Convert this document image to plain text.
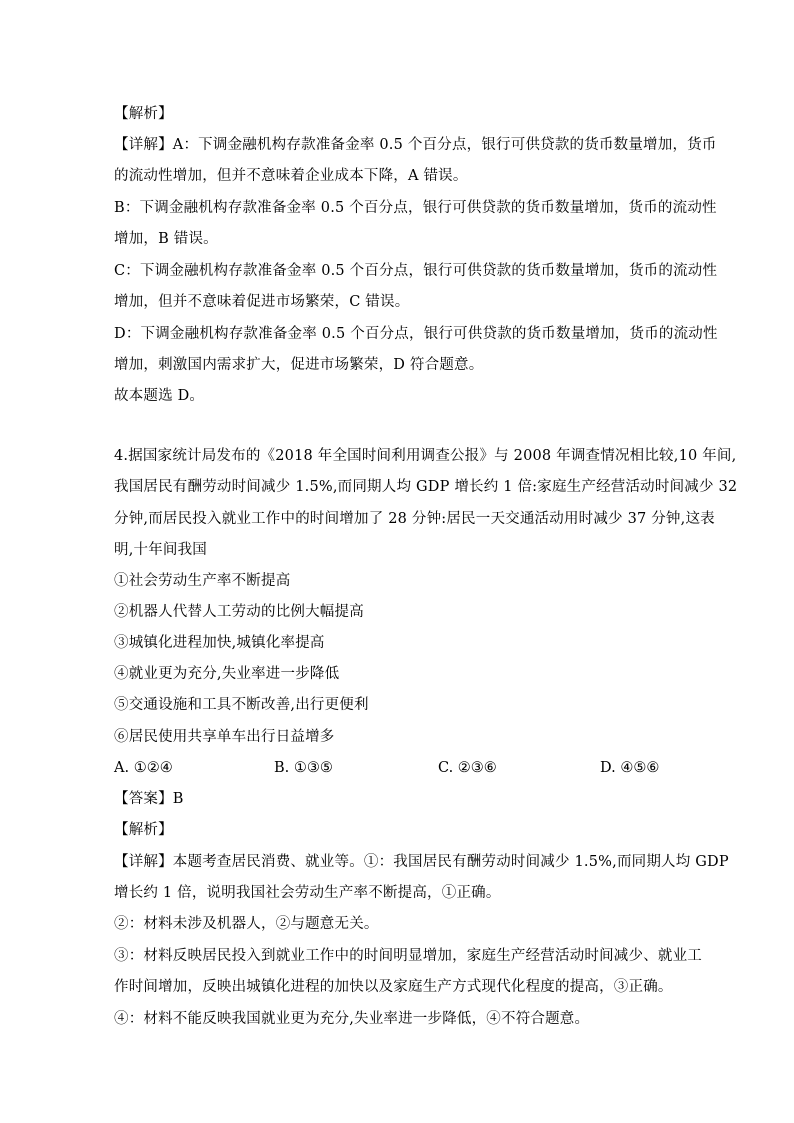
【解析】
【详解】A：下调金融机构存款准备金率 0.5 个百分点，银行可供贷款的货币数量增加，货币
的流动性增加，但并不意味着企业成本下降，A 错误。
B：下调金融机构存款准备金率 0.5 个百分点，银行可供贷款的货币数量增加，货币的流动性
增加，B 错误。
C：下调金融机构存款准备金率 0.5 个百分点，银行可供贷款的货币数量增加，货币的流动性
增加，但并不意味着促进市场繁荣，C 错误。
D：下调金融机构存款准备金率 0.5 个百分点，银行可供贷款的货币数量增加，货币的流动性
增加，刺激国内需求扩大，促进市场繁荣，D 符合题意。
故本题选 D。
4.据国家统计局发布的《2018 年全国时间利用调查公报》与 2008 年调查情况相比较,10 年间,
我国居民有酬劳动时间减少 1.5%,而同期人均 GDP 增长约 1 倍:家庭生产经营活动时间减少 32
分钟,而居民投入就业工作中的时间增加了 28 分钟:居民一天交通活动用时减少 37 分钟,这表
明,十年间我国
①社会劳动生产率不断提高
②机器人代替人工劳动的比例大幅提高
③城镇化进程加快,城镇化率提高
④就业更为充分,失业率进一步降低
⑤交通设施和工具不断改善,出行更便利
⑥居民使用共享单车出行日益增多
A. ①②④	B. ①③⑤	C. ②③⑥	D. ④⑤⑥
【答案】B
【解析】
【详解】本题考查居民消费、就业等。①：我国居民有酬劳动时间减少 1.5%,而同期人均 GDP
增长约 1 倍，说明我国社会劳动生产率不断提高，①正确。
②：材料未涉及机器人，②与题意无关。
③：材料反映居民投入到就业工作中的时间明显增加，家庭生产经营活动时间减少、就业工
作时间增加，反映出城镇化进程的加快以及家庭生产方式现代化程度的提高，③正确。
④：材料不能反映我国就业更为充分,失业率进一步降低，④不符合题意。
